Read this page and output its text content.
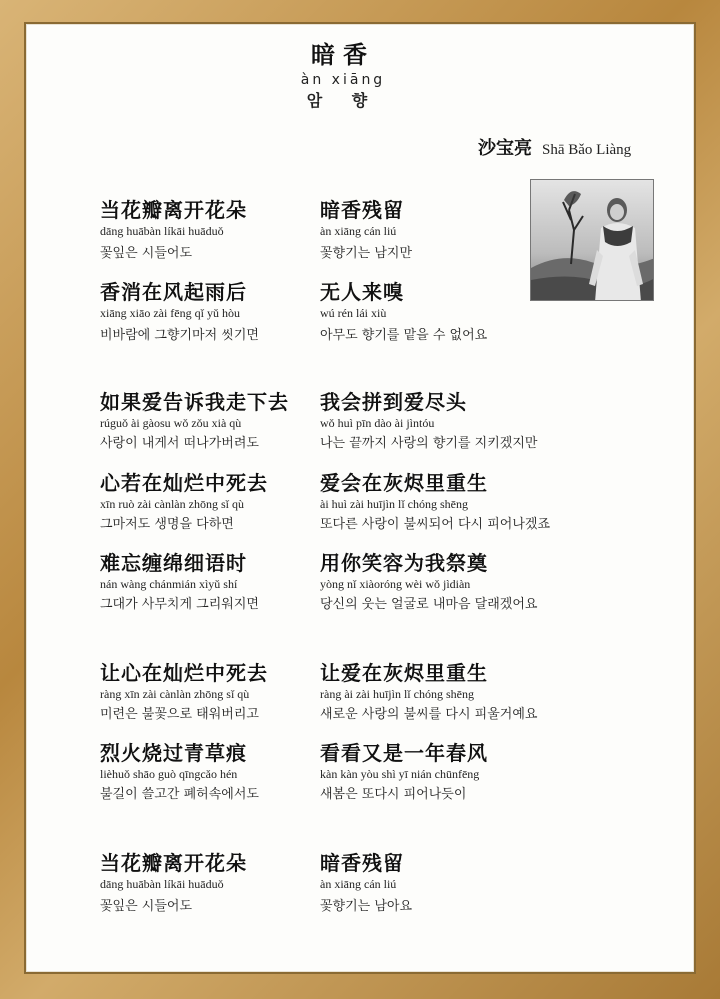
暗香
àn xiāng
암 향
沙宝亮 Shā Bǎo Liàng
当花瓣离开花朵
dāng huābàn líkāi huāduǒ
꽃잎은 시들어도
暗香残留
àn xiāng cán liú
꽃향기는 남지만
香消在风起雨后
xiāng xiāo zài fēng qǐ yǔ hòu
비바람에 그향기마저 씻기면
无人来嗅
wú rén lái xiù
아무도 향기를 맡을 수 없어요
如果爱告诉我走下去
rúguǒ ài gàosu wǒ zǒu xià qù
사랑이 내게서 떠나가버려도
我会拼到爱尽头
wǒ huì pīn dào ài jìntóu
나는 끝까지 사랑의 향기를 지키겠지만
心若在灿烂中死去
xīn ruò zài cànlàn zhōng sǐ qù
그마저도 생명을 다하면
爱会在灰烬里重生
ài huì zài huījìn lǐ chóng shēng
또다른 사랑이 불씨되어 다시 피어나겠죠
难忘缠绵细语时
nán wàng chánmián xìyǔ shí
그대가 사무치게 그리워지면
用你笑容为我祭奠
yòng nǐ xiàoróng wèi wǒ jìdiàn
당신의 웃는 얼굴로 내마음 달래겠어요
让心在灿烂中死去
ràng xīn zài cànlàn zhōng sǐ qù
미련은 불꽃으로 태워버리고
让爱在灰烬里重生
ràng ài zài huījìn lǐ chóng shēng
새로운 사랑의 불씨를 다시 피울거예요
烈火烧过青草痕
lièhuǒ shāo guò qīngcǎo hén
불길이 쓸고간 폐허속에서도
看看又是一年春风
kàn kàn yòu shì yī nián chūnfēng
새봄은 또다시 피어나듯이
当花瓣离开花朵
dāng huābàn líkāi huāduǒ
꽃잎은 시들어도
暗香残留
àn xiāng cán liú
꽃향기는 남아요
